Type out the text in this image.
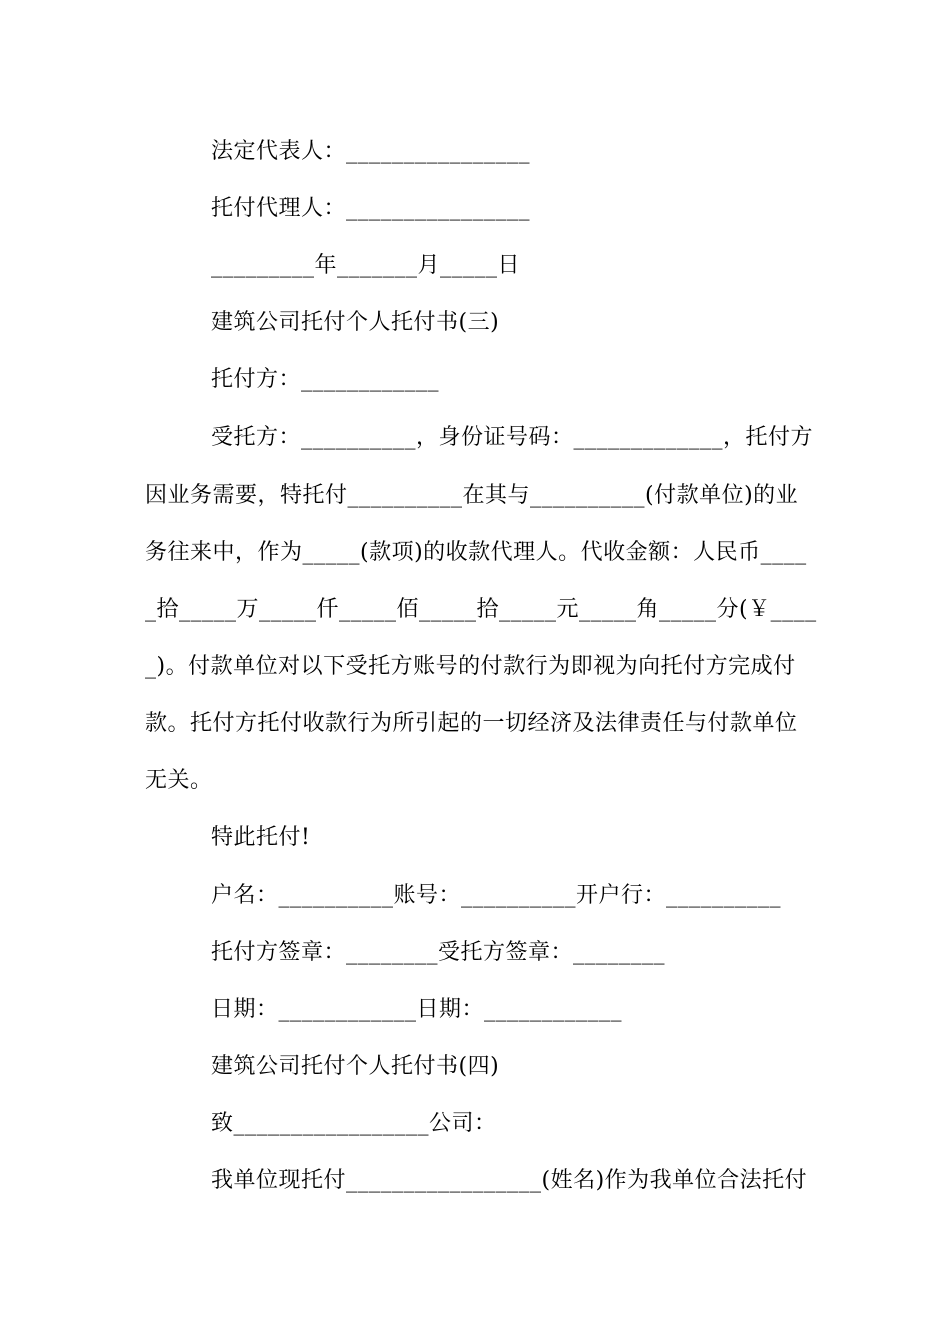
法定代表人：________________
托付代理人：________________
_________年_______月_____日
建筑公司托付个人托付书(三)
托付方：____________
受托方：__________，身份证号码：_____________，托付方
因业务需要，特托付__________在其与__________(付款单位)的业
务往来中，作为_____(款项)的收款代理人。代收金额：人民币____
_拾_____万_____仟_____佰_____拾_____元_____角_____分(￥____
_)。付款单位对以下受托方账号的付款行为即视为向托付方完成付
款。托付方托付收款行为所引起的一切经济及法律责任与付款单位
无关。
特此托付!
户名：__________账号：__________开户行：__________
托付方签章：________受托方签章：________
日期：____________日期：____________
建筑公司托付个人托付书(四)
致_________________公司：
我单位现托付_________________(姓名)作为我单位合法托付
